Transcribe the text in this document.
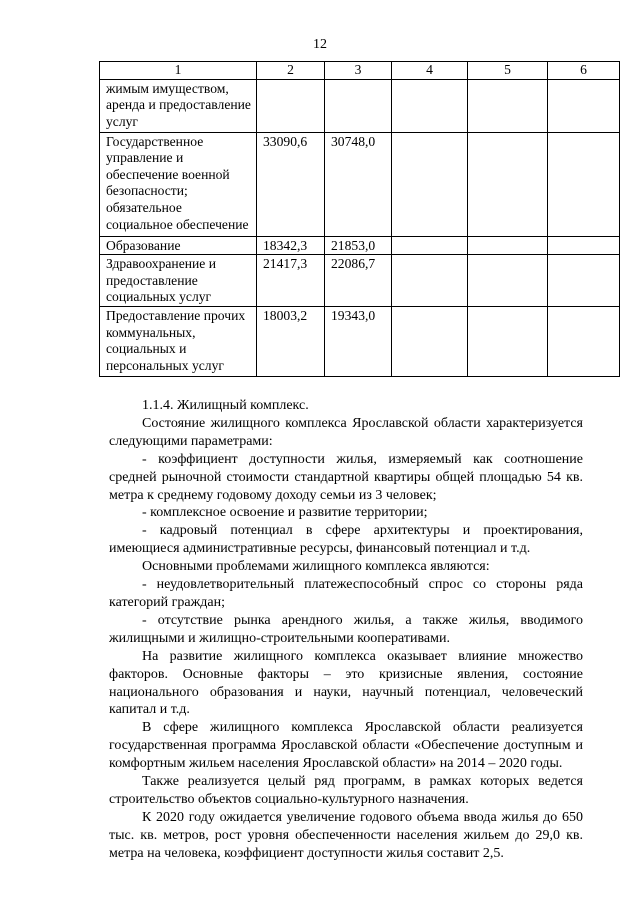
12
1	2	3	4	5	6
жимым имуществом, аренда и предоставление услуг					
Государственное управление и обеспечение военной безопасности; обязательное социальное обеспечение	33090,6	30748,0			
Образование	18342,3	21853,0			
Здравоохранение и предоставление социальных услуг	21417,3	22086,7			
Предоставление прочих коммунальных, социальных и персональных услуг	18003,2	19343,0			

1.1.4. Жилищный комплекс.

Состояние жилищного комплекса Ярославской области характеризуется следующими параметрами:

- коэффициент доступности жилья, измеряемый как соотношение средней рыночной стоимости стандартной квартиры общей площадью 54 кв. метра к среднему годовому доходу семьи из 3 человек;

- комплексное освоение и развитие территории;

- кадровый потенциал в сфере архитектуры и проектирования, имеющиеся административные ресурсы, финансовый потенциал и т.д.

Основными проблемами жилищного комплекса являются:

- неудовлетворительный платежеспособный спрос со стороны ряда категорий граждан;

- отсутствие рынка арендного жилья, а также жилья, вводимого жилищными и жилищно-строительными кооперативами.

На развитие жилищного комплекса оказывает влияние множество факторов. Основные факторы – это кризисные явления, состояние национального образования и науки, научный потенциал, человеческий капитал и т.д.

В сфере жилищного комплекса Ярославской области реализуется государственная программа Ярославской области «Обеспечение доступным и комфортным жильем населения Ярославской области» на 2014 – 2020 годы.

Также реализуется целый ряд программ, в рамках которых ведется строительство объектов социально-культурного назначения.

К 2020 году ожидается увеличение годового объема ввода жилья до 650 тыс. кв. метров, рост уровня обеспеченности населения жильем до 29,0 кв. метра на человека, коэффициент доступности жилья составит 2,5.
